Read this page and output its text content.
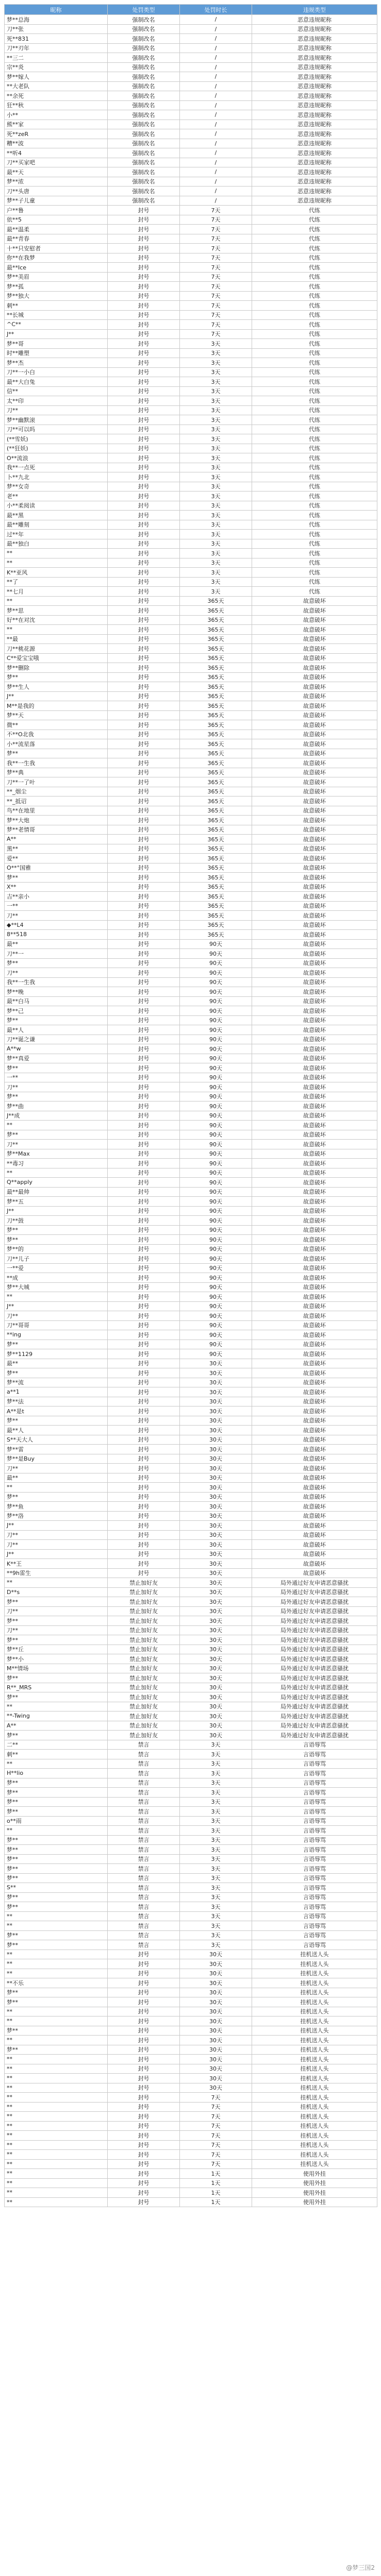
昵称	处罚类型	处罚时长	违规类型
梦**总海	强制改名	/	恶意违规昵称
刀**张	强制改名	/	恶意违规昵称
死**831	强制改名	/	恶意违规昵称
刀**刃年	强制改名	/	恶意违规昵称
**三二	强制改名	/	恶意违规昵称
宗**炎	强制改名	/	恶意违规昵称
梦**嫁人	强制改名	/	恶意违规昵称
**大老队	强制改名	/	恶意违规昵称
**余死	强制改名	/	恶意违规昵称
狂**秋	强制改名	/	恶意违规昵称
小**	强制改名	/	恶意违规昵称
熊**家	强制改名	/	恶意违规昵称
死**zeR	强制改名	/	恶意违规昵称
糟**波	强制改名	/	恶意违规昵称
**听4	强制改名	/	恶意违规昵称
刀**买家吧	强制改名	/	恶意违规昵称
最**天	强制改名	/	恶意违规昵称
梦**浓	强制改名	/	恶意违规昵称
刀**头唐	强制改名	/	恶意违规昵称
梦**子儿童	强制改名	/	恶意违规昵称
户**鲁	封号	7天	代练
依**5	封号	7天	代练
最**温柔	封号	7天	代练
最**青春	封号	7天	代练
十**只安慰者	封号	7天	代练
你**在我梦	封号	7天	代练
最**Ice	封号	7天	代练
梦**美眉	封号	7天	代练
梦**孤	封号	7天	代练
梦**独大	封号	7天	代练
刺**	封号	7天	代练
**长城	封号	7天	代练
^C**	封号	7天	代练
J**	封号	7天	代练
梦**哥	封号	3天	代练
时**雕塑	封号	3天	代练
梦**杰	封号	3天	代练
刀**一小白	封号	3天	代练
最**大白兔	封号	3天	代练
信**	封号	3天	代练
太**印	封号	3天	代练
刀**	封号	3天	代练
梦**幽默滚	封号	3天	代练
刀**可以吗	封号	3天	代练
(**雪妖)	封号	3天	代练
(**狂妖)	封号	3天	代练
O**流浪	封号	3天	代练
我**一点死	封号	3天	代练
卜**九北	封号	3天	代练
梦**女奇	封号	3天	代练
老**	封号	3天	代练
小**柔阅读	封号	3天	代练
最**黑	封号	3天	代练
最**雕刻	封号	3天	代练
过**年	封号	3天	代练
最**独白	封号	3天	代练
**	封号	3天	代练
**	封号	3天	代练
K**亚风	封号	3天	代练
**了	封号	3天	代练
**七月	封号	3天	代练
**	封号	365天	故意破坏
梦**思	封号	365天	故意破坏
好**在对沈	封号	365天	故意破坏
**	封号	365天	故意破坏
**最	封号	365天	故意破坏
刀**桃花源	封号	365天	故意破坏
C**爱宝宝哦	封号	365天	故意破坏
梦**删除	封号	365天	故意破坏
梦**	封号	365天	故意破坏
梦**生人	封号	365天	故意破坏
J**	封号	365天	故意破坏
M**是我的	封号	365天	故意破坏
梦**天	封号	365天	故意破坏
微**	封号	365天	故意破坏
不**O北我	封号	365天	故意破坏
小**流星落	封号	365天	故意破坏
梦**	封号	365天	故意破坏
我**一生我	封号	365天	故意破坏
梦**典	封号	365天	故意破坏
刀**一了叶	封号	365天	故意破坏
**_烟尘	封号	365天	故意破坏
**_抵诏	封号	365天	故意破坏
鸟**在地里	封号	365天	故意破坏
梦**大炮	封号	365天	故意破坏
梦**老情哥	封号	365天	故意破坏
A**	封号	365天	故意破坏
黑**	封号	365天	故意破坏
爱**	封号	365天	故意破坏
O**°国雅	封号	365天	故意破坏
梦**	封号	365天	故意破坏
X**	封号	365天	故意破坏
吉**亲小	封号	365天	故意破坏
一**	封号	365天	故意破坏
刀**	封号	365天	故意破坏
◆**L4	封号	365天	故意破坏
8**518	封号	365天	故意破坏
最**	封号	90天	故意破坏
刀**一	封号	90天	故意破坏
梦**	封号	90天	故意破坏
刀**	封号	90天	故意破坏
我**一生我	封号	90天	故意破坏
梦**晚	封号	90天	故意破坏
最**白马	封号	90天	故意破坏
梦**己	封号	90天	故意破坏
梦**	封号	90天	故意破坏
最**人	封号	90天	故意破坏
刀**诞之谦	封号	90天	故意破坏
A**w	封号	90天	故意破坏
梦**真爱	封号	90天	故意破坏
梦**	封号	90天	故意破坏
一**	封号	90天	故意破坏
刀**	封号	90天	故意破坏
梦**	封号	90天	故意破坏
梦**曲	封号	90天	故意破坏
J**成	封号	90天	故意破坏
**	封号	90天	故意破坏
梦**	封号	90天	故意破坏
刀**	封号	90天	故意破坏
梦**Max	封号	90天	故意破坏
**毒习	封号	90天	故意破坏
**	封号	90天	故意破坏
Q**apply	封号	90天	故意破坏
最**最帅	封号	90天	故意破坏
梦**五	封号	90天	故意破坏
J**	封号	90天	故意破坏
刀**鼓	封号	90天	故意破坏
梦**	封号	90天	故意破坏
梦**	封号	90天	故意破坏
梦**的	封号	90天	故意破坏
刀**儿子	封号	90天	故意破坏
一**爱	封号	90天	故意破坏
**成	封号	90天	故意破坏
梦**大城	封号	90天	故意破坏
**	封号	90天	故意破坏
J**	封号	90天	故意破坏
刀**	封号	90天	故意破坏
刀**哥哥	封号	90天	故意破坏
**ing	封号	90天	故意破坏
梦**	封号	90天	故意破坏
梦**1129	封号	90天	故意破坏
最**	封号	30天	故意破坏
梦**	封号	30天	故意破坏
梦**流	封号	30天	故意破坏
a**1	封号	30天	故意破坏
梦**法	封号	30天	故意破坏
A**是t	封号	30天	故意破坏
梦**	封号	30天	故意破坏
最**人	封号	30天	故意破坏
S**天大人	封号	30天	故意破坏
梦**雷	封号	30天	故意破坏
梦**是Buy	封号	30天	故意破坏
刀**	封号	30天	故意破坏
最**	封号	30天	故意破坏
**	封号	30天	故意破坏
梦**	封号	30天	故意破坏
梦**鱼	封号	30天	故意破坏
梦**洛	封号	30天	故意破坏
J**	封号	30天	故意破坏
刀**	封号	30天	故意破坏
刀**	封号	30天	故意破坏
J**	封号	30天	故意破坏
K**王	封号	30天	故意破坏
**9h雷生	封号	30天	故意破坏
**	禁止加好友	30天	局外通过好友申请恶意骚扰
D**s	禁止加好友	30天	局外通过好友申请恶意骚扰
梦**	禁止加好友	30天	局外通过好友申请恶意骚扰
刀**	禁止加好友	30天	局外通过好友申请恶意骚扰
梦**	禁止加好友	30天	局外通过好友申请恶意骚扰
刀**	禁止加好友	30天	局外通过好友申请恶意骚扰
梦**	禁止加好友	30天	局外通过好友申请恶意骚扰
梦**丘	禁止加好友	30天	局外通过好友申请恶意骚扰
梦**小	禁止加好友	30天	局外通过好友申请恶意骚扰
M**情场	禁止加好友	30天	局外通过好友申请恶意骚扰
梦**	禁止加好友	30天	局外通过好友申请恶意骚扰
R**_MRS	禁止加好友	30天	局外通过好友申请恶意骚扰
梦**	禁止加好友	30天	局外通过好友申请恶意骚扰
**	禁止加好友	30天	局外通过好友申请恶意骚扰
**-Twing	禁止加好友	30天	局外通过好友申请恶意骚扰
A**	禁止加好友	30天	局外通过好友申请恶意骚扰
梦**	禁止加好友	30天	局外通过好友申请恶意骚扰
二**	禁言	3天	言语辱骂
刺**	禁言	3天	言语辱骂
**	禁言	3天	言语辱骂
H**lio	禁言	3天	言语辱骂
梦**	禁言	3天	言语辱骂
梦**	禁言	3天	言语辱骂
梦**	禁言	3天	言语辱骂
梦**	禁言	3天	言语辱骂
o**雨	禁言	3天	言语辱骂
**	禁言	3天	言语辱骂
梦**	禁言	3天	言语辱骂
梦**	禁言	3天	言语辱骂
梦**	禁言	3天	言语辱骂
梦**	禁言	3天	言语辱骂
梦**	禁言	3天	言语辱骂
S**	禁言	3天	言语辱骂
梦**	禁言	3天	言语辱骂
梦**	禁言	3天	言语辱骂
**	禁言	3天	言语辱骂
**	禁言	3天	言语辱骂
梦**	禁言	3天	言语辱骂
梦**	禁言	3天	言语辱骂
**	封号	30天	挂机送人头
**	封号	30天	挂机送人头
**	封号	30天	挂机送人头
**不乐	封号	30天	挂机送人头
梦**	封号	30天	挂机送人头
梦**	封号	30天	挂机送人头
**	封号	30天	挂机送人头
**	封号	30天	挂机送人头
梦**	封号	30天	挂机送人头
**	封号	30天	挂机送人头
梦**	封号	30天	挂机送人头
**	封号	30天	挂机送人头
**	封号	30天	挂机送人头
**	封号	30天	挂机送人头
**	封号	30天	挂机送人头
**	封号	7天	挂机送人头
**	封号	7天	挂机送人头
**	封号	7天	挂机送人头
**	封号	7天	挂机送人头
**	封号	7天	挂机送人头
**	封号	7天	挂机送人头
**	封号	7天	挂机送人头
**	封号	7天	挂机送人头
**	封号	1天	使用外挂
**	封号	1天	使用外挂
**	封号	1天	使用外挂
**	封号	1天	使用外挂
@梦三国2
